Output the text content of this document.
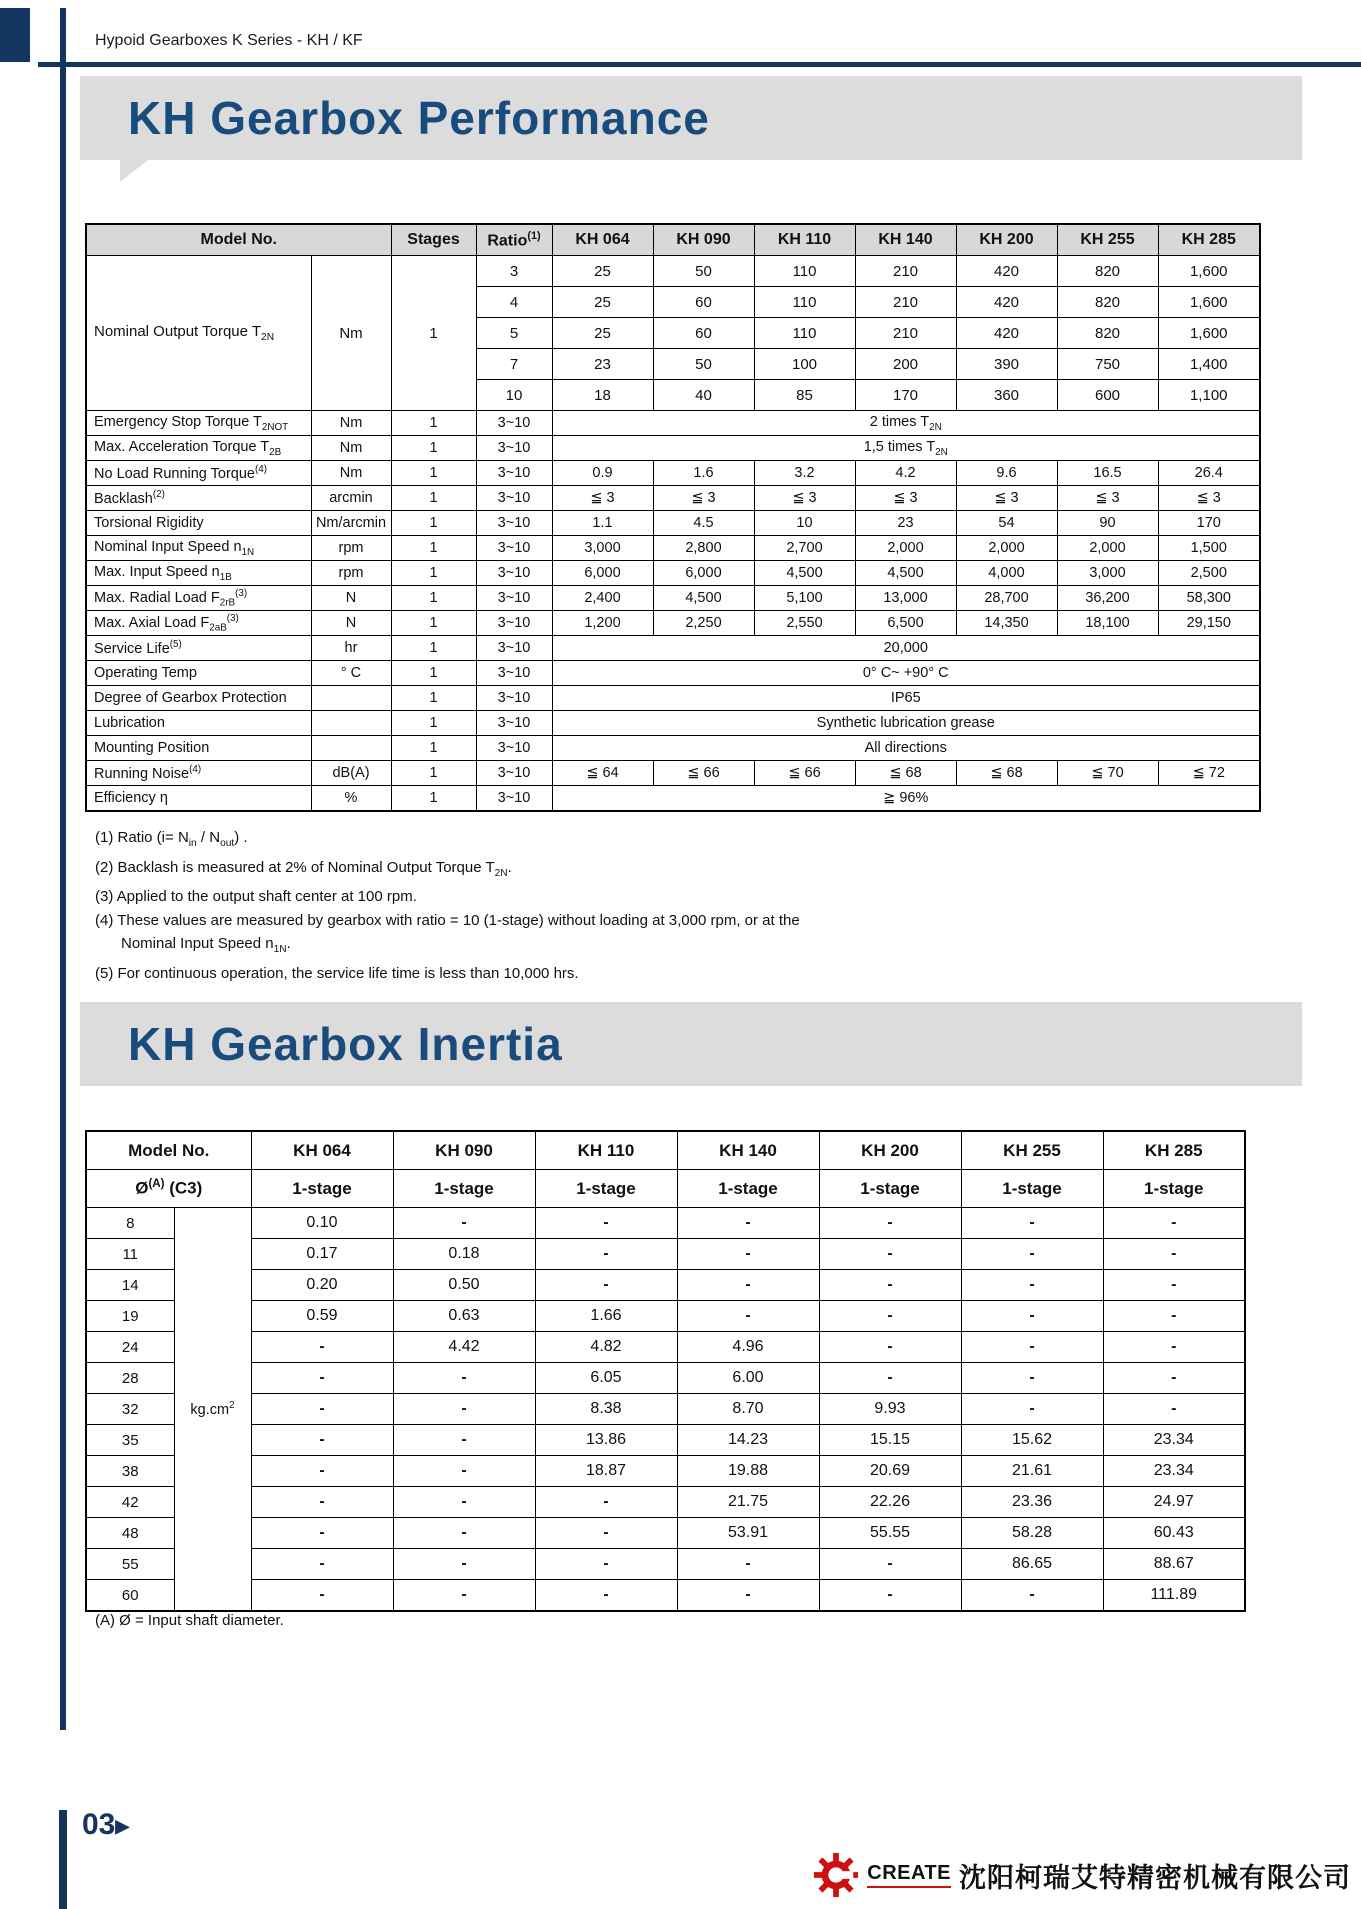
Hypoid Gearboxes K Series - KH / KF
KH Gearbox Performance
Model No.		Stages	Ratio$^{(1)}$	KH 064	KH 090	KH 110	KH 140	KH 200	KH 255	KH 285
Nominal Output Torque $T_{2N}$	Nm	1	3	25	50	110	210	420	820	1,600
			4	25	60	110	210	420	820	1,600
			5	25	60	110	210	420	820	1,600
			7	23	50	100	200	390	750	1,400
			10	18	40	85	170	360	600	1,100
Emergency Stop Torque $T_{2NOT}$	Nm	1	3~10	2 times $T_{2N}$
Max. Acceleration Torque $T_{2B}$	Nm	1	3~10	1,5 times $T_{2N}$
No Load Running Torque$^{(4)}$	Nm	1	3~10	0.9	1.6	3.2	4.2	9.6	16.5	26.4
Backlash$^{(2)}$	arcmin	1	3~10	≦ 3	≦ 3	≦ 3	≦ 3	≦ 3	≦ 3	≦ 3
Torsional Rigidity	Nm/arcmin	1	3~10	1.1	4.5	10	23	54	90	170
Nominal Input Speed $n_{1N}$	rpm	1	3~10	3,000	2,800	2,700	2,000	2,000	2,000	1,500
Max. Input Speed $n_{1B}$	rpm	1	3~10	6,000	6,000	4,500	4,500	4,000	3,000	2,500
Max. Radial Load $F_{2rB}^{(3)}$	N	1	3~10	2,400	4,500	5,100	13,000	28,700	36,200	58,300
Max. Axial Load $F_{2aB}^{(3)}$	N	1	3~10	1,200	2,250	2,550	6,500	14,350	18,100	29,150
Service Life$^{(5)}$	hr	1	3~10	20,000						
Operating Temp	° C	1	3~10	0° C~ +90° C						
Degree of Gearbox Protection		1	3~10	IP65						
Lubrication		1	3~10	Synthetic lubrication grease						
Mounting Position		1	3~10	All directions						
Running Noise$^{(4)}$	dB(A)	1	3~10	≦ 64	≦ 66	≦ 66	≦ 68	≦ 68	≦ 70	≦ 72
Efficiency η	%	1	3~10	≧ 96%						
(1) Ratio $(i= N_{in} / N_{out})$ .
(2) Backlash is measured at 2% of Nominal Output Torque $T_{2N}$.
(3) Applied to the output shaft center at 100 rpm.
(4) These values are measured by gearbox with ratio = 10 (1-stage) without loading at 3,000 rpm, or at the
Nominal Input Speed $n_{1N}$.
(5) For continuous operation, the service life time is less than 10,000 hrs.
KH Gearbox Inertia
Model No.		KH 064	KH 090	KH 110	KH 140	KH 200	KH 255	KH 285
$Ø^{(A)}$ (C3)		1-stage	1-stage	1-stage	1-stage	1-stage	1-stage	1-stage
8	$kg.cm^2$	0.10	-	-	-	-	-	-
11		0.17	0.18	-	-	-	-	-
14		0.20	0.50	-	-	-	-	-
19		0.59	0.63	1.66	-	-	-	-
24		-	4.42	4.82	4.96	-	-	-
28		-	-	6.05	6.00	-	-	-
32		-	-	8.38	8.70	9.93	-	-
35		-	-	13.86	14.23	15.15	15.62	23.34
38		-	-	18.87	19.88	20.69	21.61	23.34
42		-	-	-	21.75	22.26	23.36	24.97
48		-	-	-	53.91	55.55	58.28	60.43
55		-	-	-	-	-	86.65	88.67
60		-	-	-	-	-	-	111.89
(A) Ø = Input shaft diameter.
03▶
CREATE 沈阳柯瑞艾特精密机械有限公司
